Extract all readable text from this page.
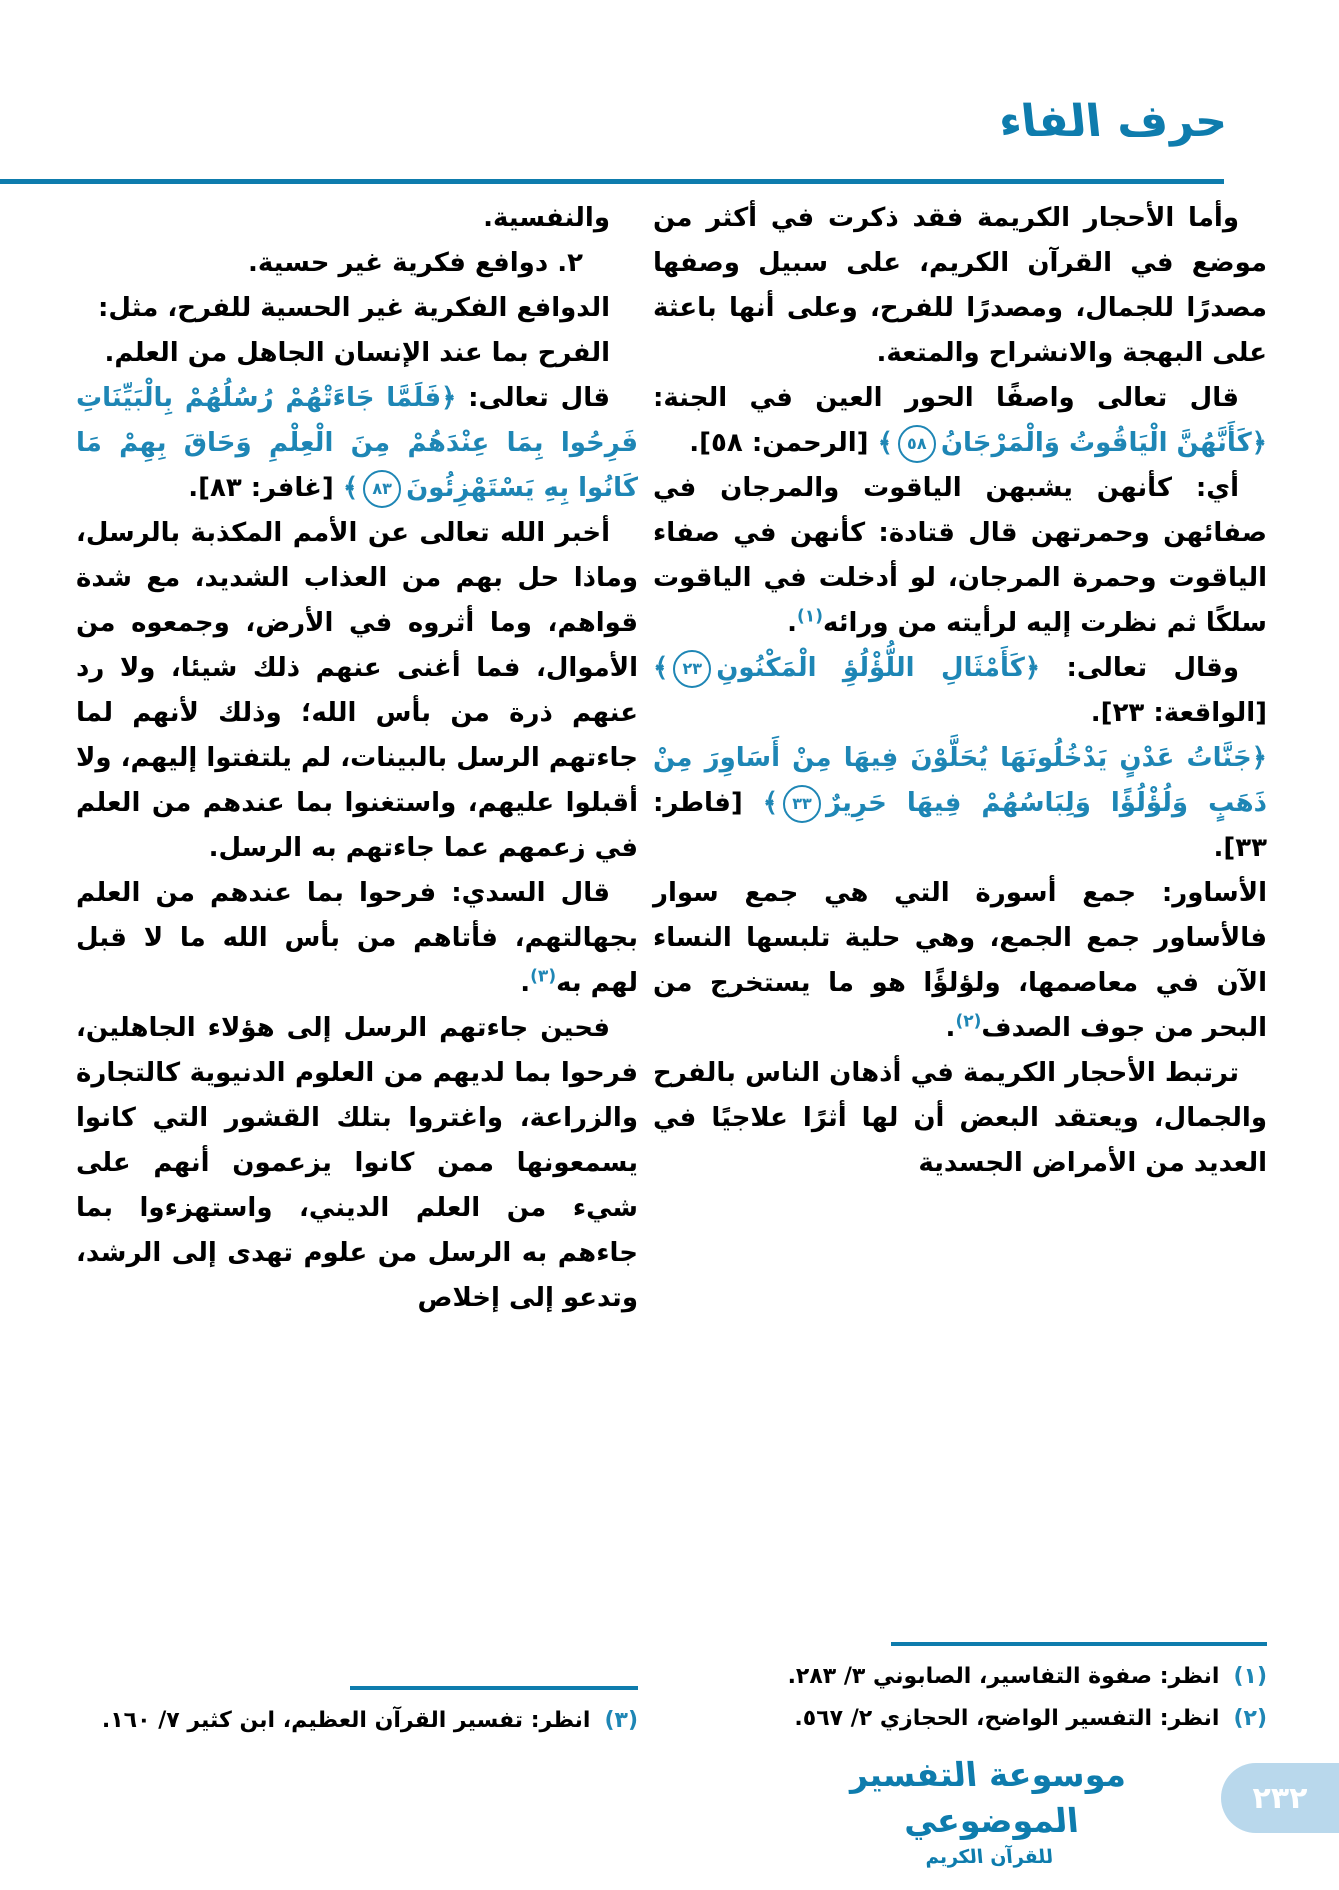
حرف الفاء

وأما الأحجار الكريمة فقد ذكرت في أكثر من موضع في القرآن الكريم، على سبيل وصفها مصدرًا للجمال، ومصدرًا للفرح، وعلى أنها باعثة على البهجة والانشراح والمتعة.

قال تعالى واصفًا الحور العين في الجنة: ﴿كَأَنَّهُنَّ الْيَاقُوتُ وَالْمَرْجَانُ٥٨﴾ [الرحمن: ٥٨].

أي: كأنهن يشبهن الياقوت والمرجان في صفائهن وحمرتهن قال قتادة: كأنهن في صفاء الياقوت وحمرة المرجان، لو أدخلت في الياقوت سلكًا ثم نظرت إليه لرأيته من ورائه$^{(١)}$.

وقال تعالى: ﴿كَأَمْثَالِ اللُّؤْلُؤِ الْمَكْنُونِ٢٣﴾ [الواقعة: ٢٣].

﴿جَنَّاتُ عَدْنٍ يَدْخُلُونَهَا يُحَلَّوْنَ فِيهَا مِنْ أَسَاوِرَ مِنْ ذَهَبٍ وَلُؤْلُؤًا وَلِبَاسُهُمْ فِيهَا حَرِيرٌ٣٣﴾ [فاطر: ٣٣].

الأساور: جمع أسورة التي هي جمع سوار فالأساور جمع الجمع، وهي حلية تلبسها النساء الآن في معاصمها، ولؤلؤًا هو ما يستخرج من البحر من جوف الصدف$^{(٢)}$.

ترتبط الأحجار الكريمة في أذهان الناس بالفرح والجمال، ويعتقد البعض أن لها أثرًا علاجيًا في العديد من الأمراض الجسدية

والنفسية.

٢. دوافع فكرية غير حسية.

الدوافع الفكرية غير الحسية للفرح، مثل:

الفرح بما عند الإنسان الجاهل من العلم.

قال تعالى: ﴿فَلَمَّا جَاءَتْهُمْ رُسُلُهُمْ بِالْبَيِّنَاتِ فَرِحُوا بِمَا عِنْدَهُمْ مِنَ الْعِلْمِ وَحَاقَ بِهِمْ مَا كَانُوا بِهِ يَسْتَهْزِئُونَ٨٣﴾ [غافر: ٨٣].

أخبر الله تعالى عن الأمم المكذبة بالرسل، وماذا حل بهم من العذاب الشديد، مع شدة قواهم، وما أثروه في الأرض، وجمعوه من الأموال، فما أغنى عنهم ذلك شيئا، ولا رد عنهم ذرة من بأس الله؛ وذلك لأنهم لما جاءتهم الرسل بالبينات، لم يلتفتوا إليهم، ولا أقبلوا عليهم، واستغنوا بما عندهم من العلم في زعمهم عما جاءتهم به الرسل.

قال السدي: فرحوا بما عندهم من العلم بجهالتهم، فأتاهم من بأس الله ما لا قبل لهم به$^{(٣)}$.

فحين جاءتهم الرسل إلى هؤلاء الجاهلين، فرحوا بما لديهم من العلوم الدنيوية كالتجارة والزراعة، واغتروا بتلك القشور التي كانوا يسمعونها ممن كانوا يزعمون أنهم على شيء من العلم الديني، واستهزءوا بما جاءهم به الرسل من علوم تهدى إلى الرشد، وتدعو إلى إخلاص

(١)
انظر: صفوة التفاسير، الصابوني ٣/ ٢٨٣.
(٢)
انظر: التفسير الواضح، الحجازي ٢/ ٥٦٧.
(٣)
انظر: تفسير القرآن العظيم، ابن كثير ٧/ ١٦٠.
موسوعة التفسير الموضوعي
للقرآن الكريم
٢٣٢
